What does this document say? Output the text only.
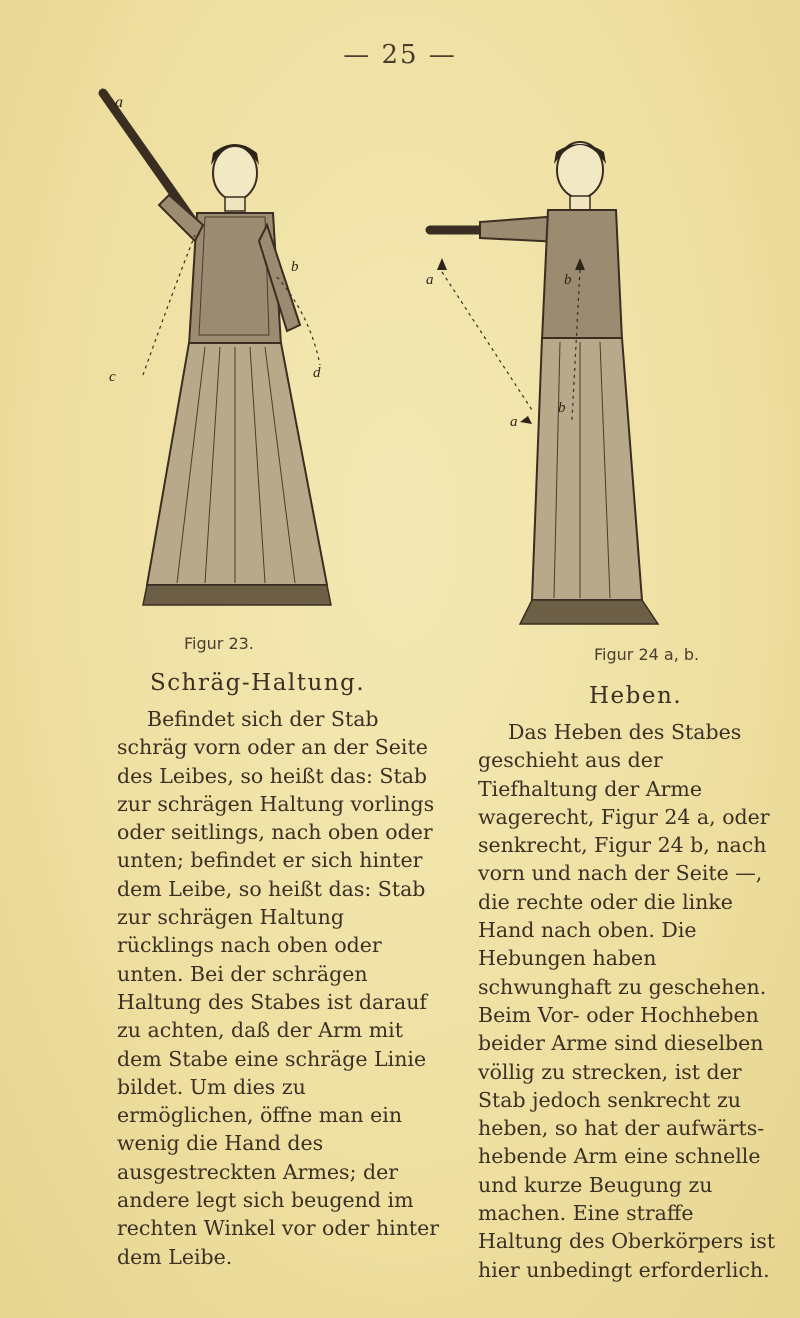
— 25 —
a
b
c	d
Figur 23.
a	b
b
a
Figur 24 a, b.
Schräg-Haltung.

Befindet sich der Stab schräg vorn oder an der Seite des Leibes, so heißt das: Stab zur schrägen Haltung vorlings oder seitlings, nach oben oder unten; befindet er sich hinter dem Leibe, so heißt das: Stab zur schrägen Haltung rücklings nach oben oder unten. Bei der schrägen Haltung des Stabes ist darauf zu achten, daß der Arm mit dem Stabe eine schräge Linie bildet. Um dies zu ermöglichen, öffne man ein wenig die Hand des ausgestreckten Armes; der andere legt sich beugend im rechten Winkel vor oder hinter dem Leibe.

Heben.

Das Heben des Stabes geschieht aus der Tiefhaltung der Arme wagerecht, Figur 24 a, oder senkrecht, Figur 24 b, nach vorn und nach der Seite —, die rechte oder die linke Hand nach oben. Die Hebungen haben schwunghaft zu geschehen. Beim Vor- oder Hochheben beider Arme sind dieselben völlig zu strecken, ist der Stab jedoch senkrecht zu heben, so hat der aufwärts-hebende Arm eine schnelle und kurze Beugung zu machen. Eine straffe Haltung des Oberkörpers ist hier unbedingt erforderlich.
